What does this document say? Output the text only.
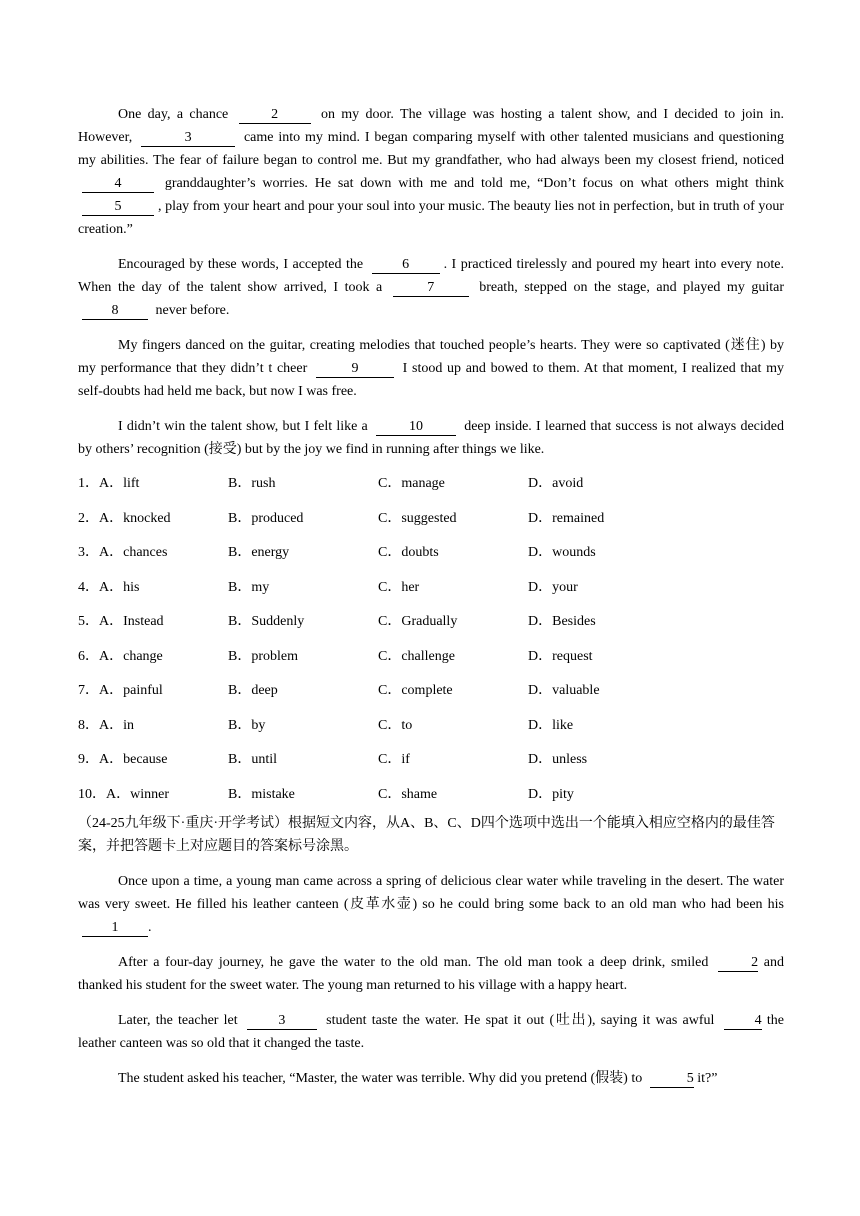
One day, a chance	2	on my door. The village was hosting a talent show, and I decided to join in. However,	3	came into my mind. I began comparing myself with other talented musicians and questioning my abilities. The fear of failure began to control me. But my grandfather, who had always been my closest friend, noticed 4	granddaughter’s worries. He sat down with me and told me, “Don’t focus on what others might think 5	, play from your heart and pour your soul into your music. The beauty lies not in perfection, but in truth of your creation.”

Encouraged by these words, I accepted the 6 . I practiced tirelessly and poured my heart into every note. When the day of the talent show arrived, I took a	7	breath, stepped on the stage, and played my guitar 8 never before.

My fingers danced on the guitar, creating melodies that touched people’s hearts. They were so captivated (迷住) by my performance that they didn’t t cheer	9	I stood up and bowed to them. At that moment, I realized that my self-doubts had held me back, but now I was free.

I didn’t win the talent show, but I felt like a	10	deep inside. I learned that success is not always decided by others’ recognition (接受) but by the joy we find in running after things we like.

1．A．lift	B．rush	C．manage	D．avoid
2．A．knocked	B．produced	C．suggested	D．remained
3．A．chances	B．energy	C．doubts	D．wounds
4．A．his	B．my	C．her	D．your
5．A．Instead	B．Suddenly	C．Gradually	D．Besides
6．A．change	B．problem	C．challenge	D．request
7．A．painful	B．deep	C．complete	D．valuable
8．A．in	B．by	C．to	D．like
9．A．because	B．until	C．if	D．unless
10．A．winner	B．mistake	C．shame	D．pity

（24-25九年级下·重庆·开学考试）根据短文内容，从A、B、C、D四个选项中选出一个能填入相应空格内的最佳答案，并把答题卡上对应题目的答案标号涂黑。

Once upon a time, a young man came across a spring of delicious clear water while traveling in the desert. The water was very sweet. He filled his leather canteen (皮革水壶) so he could bring some back to an old man who had been his 1 .

After a four-day journey, he gave the water to the old man. The old man took a deep drink, smiled	2 and thanked his student for the sweet water. The young man returned to his village with a happy heart.

Later, the teacher let	3	student taste the water. He spat it out (吐出), saying it was awful	4 the leather canteen was so old that it changed the taste.

The student asked his teacher, “Master, the water was terrible. Why did you pretend (假装) to	5 it?”
